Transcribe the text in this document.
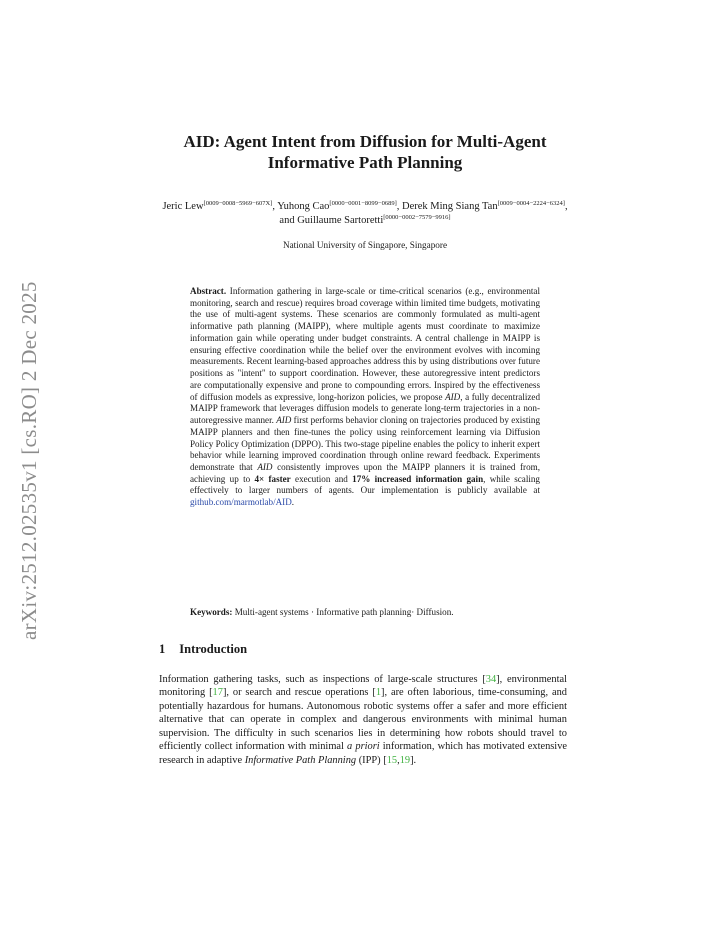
arXiv:2512.02535v1 [cs.RO] 2 Dec 2025
AID: Agent Intent from Diffusion for Multi-Agent
Informative Path Planning
Jeric Lew[0009−0008−5969−607X], Yuhong Cao[0000−0001−8099−0689], Derek Ming Siang Tan[0009−0004−2224−6324], and Guillaume Sartoretti[0000−0002−7579−9916]
National University of Singapore, Singapore
Abstract. Information gathering in large-scale or time-critical scenarios (e.g., environmental monitoring, search and rescue) requires broad coverage within limited time budgets, motivating the use of multi-agent systems. These scenarios are commonly formulated as multi-agent informative path planning (MAIPP), where multiple agents must coordinate to maximize information gain while operating under budget constraints. A central challenge in MAIPP is ensuring effective coordination while the belief over the environment evolves with incoming measurements. Recent learning-based approaches address this by using distributions over future positions as "intent" to support coordination. However, these autoregressive intent predictors are computationally expensive and prone to compounding errors. Inspired by the effectiveness of diffusion models as expressive, long-horizon policies, we propose AID, a fully decentralized MAIPP framework that leverages diffusion models to generate long-term trajectories in a non-autoregressive manner. AID first performs behavior cloning on trajectories produced by existing MAIPP planners and then fine-tunes the policy using reinforcement learning via Diffusion Policy Policy Optimization (DPPO). This two-stage pipeline enables the policy to inherit expert behavior while learning improved coordination through online reward feedback. Experiments demonstrate that AID consistently improves upon the MAIPP planners it is trained from, achieving up to 4× faster execution and 17% increased information gain, while scaling effectively to larger numbers of agents. Our implementation is publicly available at github.com/marmotlab/AID.
Keywords: Multi-agent systems · Informative path planning· Diffusion.
1 Introduction
Information gathering tasks, such as inspections of large-scale structures [34], environmental monitoring [17], or search and rescue operations [1], are often laborious, time-consuming, and potentially hazardous for humans. Autonomous robotic systems offer a safer and more efficient alternative that can operate in complex and dangerous environments with minimal human supervision. The difficulty in such scenarios lies in determining how robots should travel to efficiently collect information with minimal a priori information, which has motivated extensive research in adaptive Informative Path Planning (IPP) [15,19].
